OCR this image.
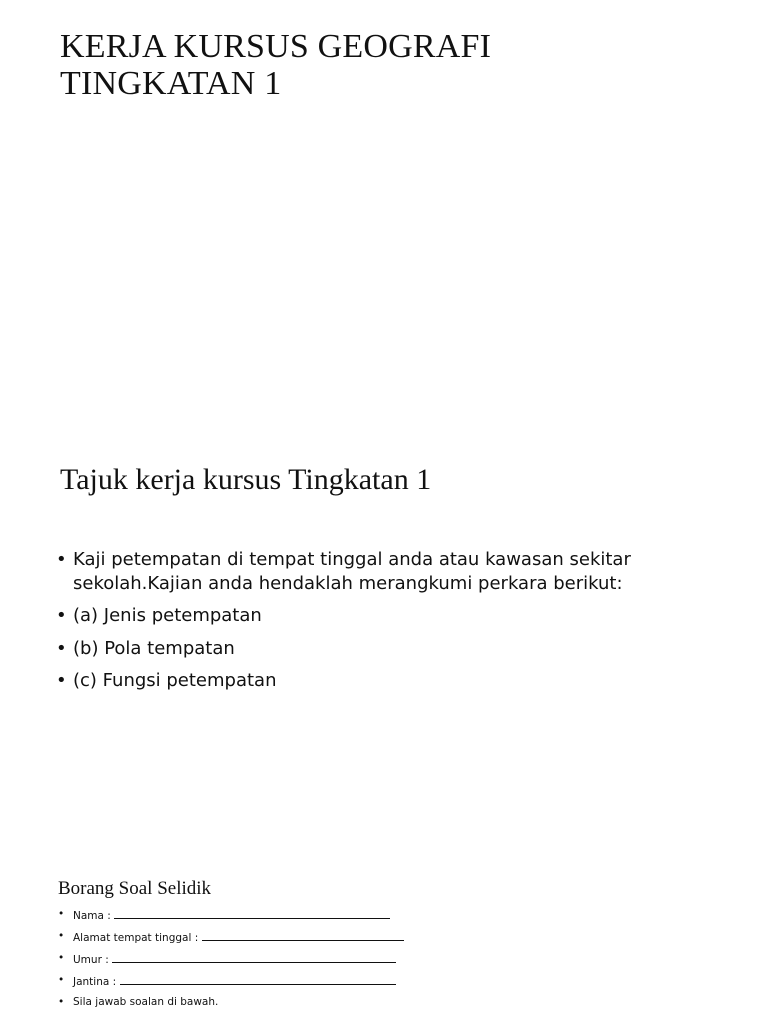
KERJA KURSUS GEOGRAFI
TINGKATAN 1
Tajuk kerja kursus Tingkatan 1
• Kaji petempatan di tempat tinggal anda atau kawasan sekitar sekolah.Kajian anda hendaklah merangkumi perkara berikut:
• (a) Jenis petempatan
• (b) Pola tempatan
• (c) Fungsi petempatan
Borang Soal Selidik
• Nama :
• Alamat tempat tinggal :
• Umur :
• Jantina :
• Sila jawab soalan di bawah.
